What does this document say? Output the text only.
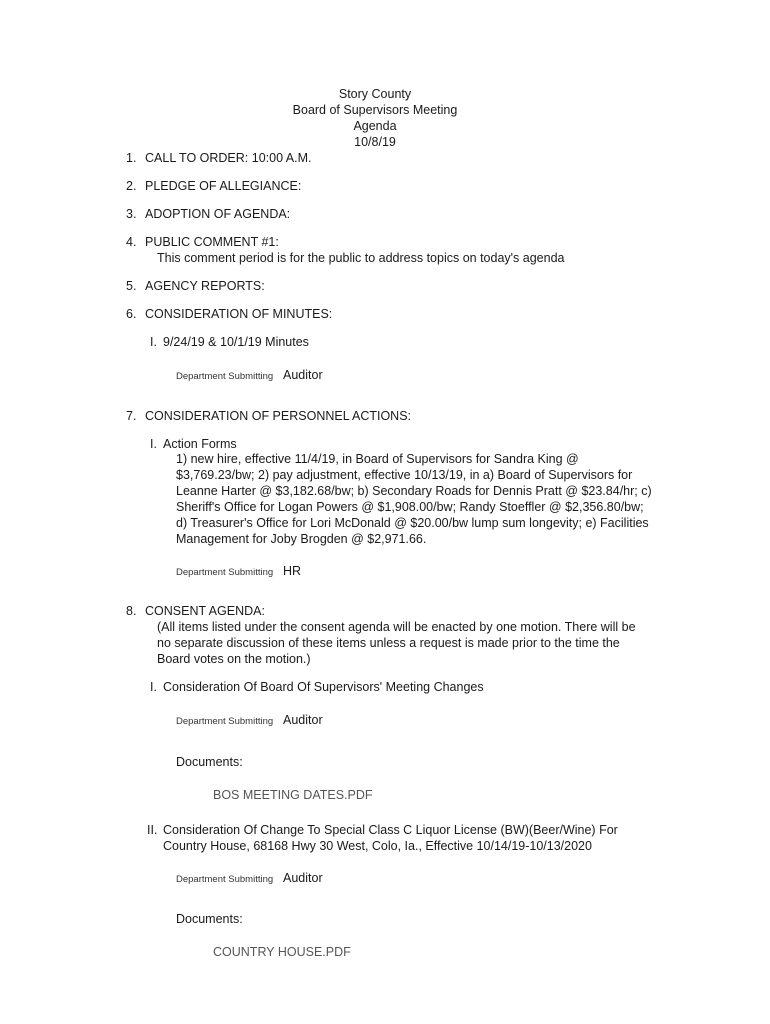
Story County
Board of Supervisors Meeting
Agenda
10/8/19
1. CALL TO ORDER: 10:00 A.M.
2. PLEDGE OF ALLEGIANCE:
3. ADOPTION OF AGENDA:
4. PUBLIC COMMENT #1:
This comment period is for the public to address topics on today's agenda
5. AGENCY REPORTS:
6. CONSIDERATION OF MINUTES:
I. 9/24/19 & 10/1/19 Minutes
Department Submitting Auditor
7. CONSIDERATION OF PERSONNEL ACTIONS:
I. Action Forms
1) new hire, effective 11/4/19, in Board of Supervisors for Sandra King @
$3,769.23/bw; 2) pay adjustment, effective 10/13/19, in a) Board of Supervisors for
Leanne Harter @ $3,182.68/bw; b) Secondary Roads for Dennis Pratt @ $23.84/hr; c)
Sheriff's Office for Logan Powers @ $1,908.00/bw; Randy Stoeffler @ $2,356.80/bw;
d) Treasurer's Office for Lori McDonald @ $20.00/bw lump sum longevity; e) Facilities
Management for Joby Brogden @ $2,971.66.
Department Submitting HR
8. CONSENT AGENDA:
(All items listed under the consent agenda will be enacted by one motion. There will be
no separate discussion of these items unless a request is made prior to the time the
Board votes on the motion.)
I. Consideration Of Board Of Supervisors' Meeting Changes
Department Submitting Auditor
Documents:
BOS MEETING DATES.PDF
II. Consideration Of Change To Special Class C Liquor License (BW)(Beer/Wine) For
Country House, 68168 Hwy 30 West, Colo, Ia., Effective 10/14/19-10/13/2020
Department Submitting Auditor
Documents:
COUNTRY HOUSE.PDF
